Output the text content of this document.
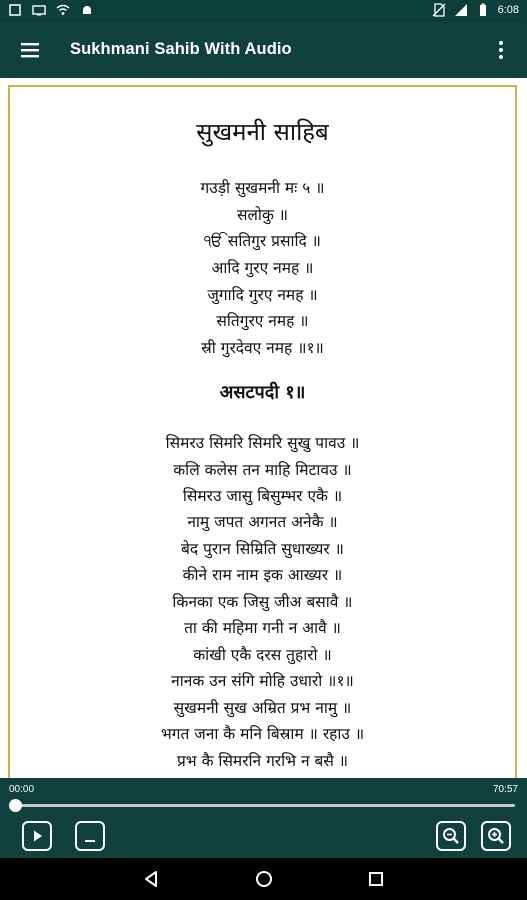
6:08
Sukhmani Sahib With Audio
सुखमनी साहिब
गउड़ी सुखमनी मः ५ ॥
सलोकु ॥
ੴ सतिगुर प्रसादि ॥
आदि गुरए नमह ॥
जुगादि गुरए नमह ॥
सतिगुरए नमह ॥
स्री गुरदेवए नमह ॥१॥
असटपदी १॥
सिमरउ सिमरि सिमरि सुखु पावउ ॥
कलि कलेस तन माहि मिटावउ ॥
सिमरउ जासु बिसुम्भर एकै ॥
नामु जपत अगनत अनेकै ॥
बेद पुरान सिम्रिति सुधाख्यर ॥
कीने राम नाम इक आख्यर ॥
किनका एक जिसु जीअ बसावै ॥
ता की महिमा गनी न आवै ॥
कांखी एकै दरस तुहारो ॥
नानक उन संगि मोहि उधारो ॥१॥
सुखमनी सुख अम्रित प्रभ नामु ॥
भगत जना कै मनि बिस्राम ॥ रहाउ ॥
प्रभ कै सिमरनि गरभि न बसै ॥
00:00	70:57
